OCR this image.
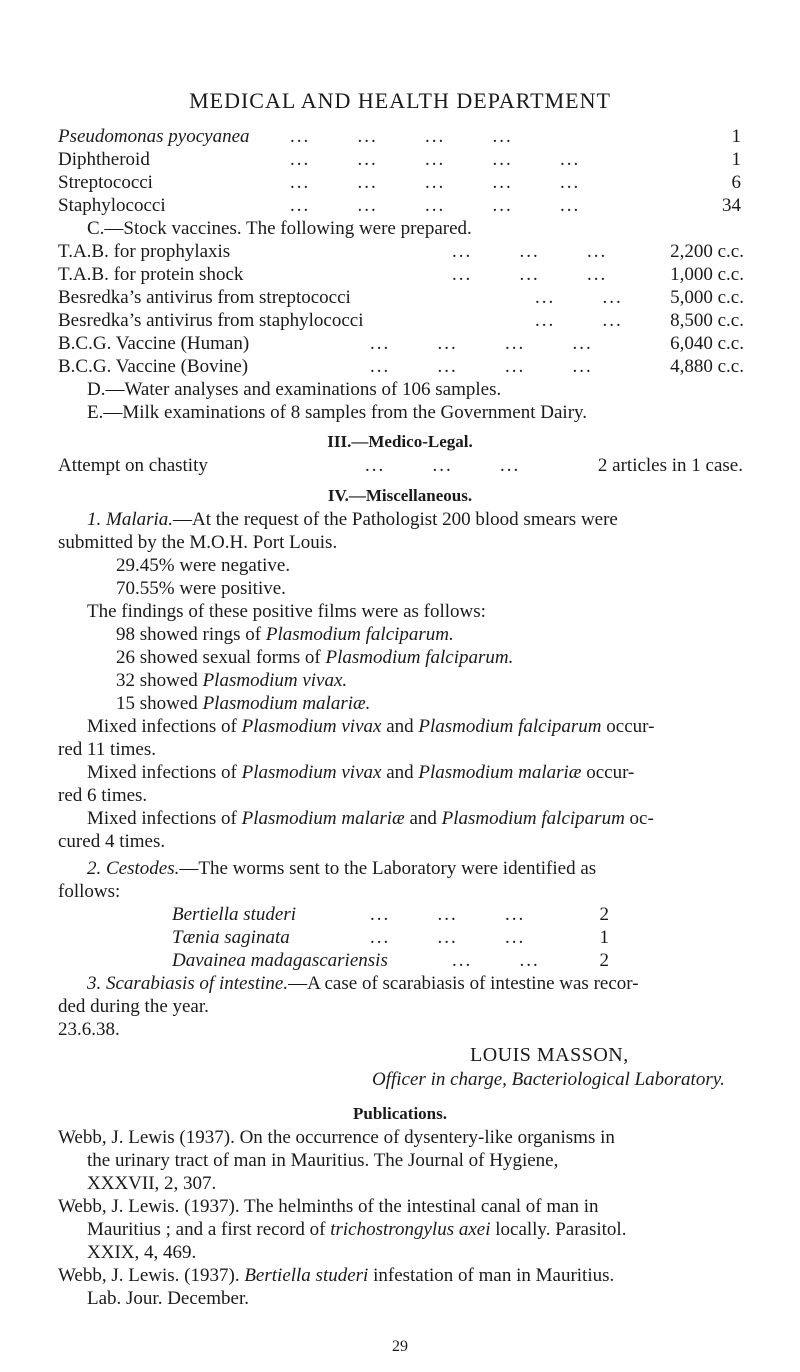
MEDICAL AND HEALTH DEPARTMENT
Pseudomonas pyocyanea
Diphtheroid
Streptococci
Staphylococci
...       ...       ...       ...
...       ...       ...       ...       ...
...       ...       ...       ...       ...
...       ...       ...       ...       ...
1
1
6
34
C.—Stock vaccines. The following were prepared.
T.A.B. for prophylaxis
T.A.B. for protein shock
Besredka’s antivirus from streptococci
Besredka’s antivirus from staphylococci
B.C.G. Vaccine (Human)
B.C.G. Vaccine (Bovine)
...       ...       ...
...       ...       ...
...       ...
...       ...
...       ...       ...       ...
...       ...       ...       ...
2,200 c.c.
1,000 c.c.
5,000 c.c.
8,500 c.c.
6,040 c.c.
4,880 c.c.
D.—Water analyses and examinations of 106 samples.
E.—Milk examinations of 8 samples from the Government Dairy.
III.—Medico-Legal.
Attempt on chastity	...       ...       ...	2 articles in 1 case.
IV.—Miscellaneous.
1. Malaria.—At the request of the Pathologist 200 blood smears were
submitted by the M.O.H. Port Louis.
29.45% were negative.
70.55% were positive.
The findings of these positive films were as follows:
98 showed rings of Plasmodium falciparum.
26 showed sexual forms of Plasmodium falciparum.
32 showed Plasmodium vivax.
15 showed Plasmodium malariæ.
Mixed infections of Plasmodium vivax and Plasmodium falciparum occur-
red 11 times.
Mixed infections of Plasmodium vivax and Plasmodium malariæ occur-
red 6 times.
Mixed infections of Plasmodium malariæ and Plasmodium falciparum oc-
cured 4 times.
2. Cestodes.—The worms sent to the Laboratory were identified as
follows:
Bertiella studeri
Tænia saginata
Davainea madagascariensis
...       ...       ...
...       ...       ...
...       ...
2
1
2
3. Scarabiasis of intestine.—A case of scarabiasis of intestine was recor-
ded during the year.
23.6.38.
LOUIS MASSON,
Officer in charge, Bacteriological Laboratory.
Publications.
Webb, J. Lewis (1937). On the occurrence of dysentery-like organisms in
the urinary tract of man in Mauritius. The Journal of Hygiene,
XXXVII, 2, 307.
Webb, J. Lewis. (1937). The helminths of the intestinal canal of man in
Mauritius ; and a first record of trichostrongylus axei locally. Parasitol.
XXIX, 4, 469.
Webb, J. Lewis. (1937). Bertiella studeri infestation of man in Mauritius.
Lab. Jour. December.
29
